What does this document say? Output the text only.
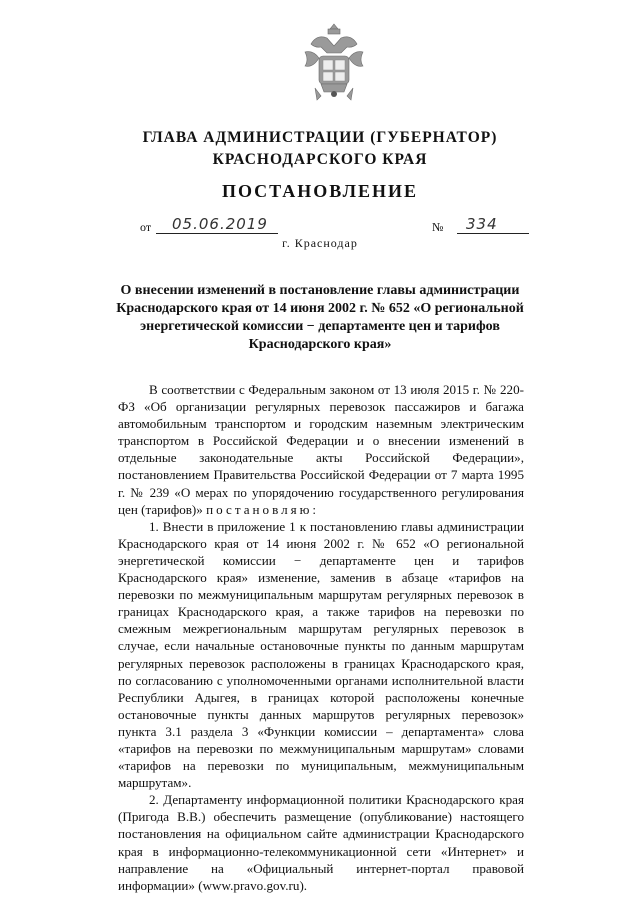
ГЛАВА АДМИНИСТРАЦИИ (ГУБЕРНАТОР)
КРАСНОДАРСКОГО КРАЯ
ПОСТАНОВЛЕНИЕ
от 05.06.2019	№ 334
г. Краснодар
О внесении изменений в постановление главы администрации Краснодарского края от 14 июня 2002 г. № 652 «О региональной энергетической комиссии − департаменте цен и тарифов Краснодарского края»

В соответствии с Федеральным законом от 13 июля 2015 г. № 220-ФЗ «Об организации регулярных перевозок пассажиров и багажа автомобильным транспортом и городским наземным электрическим транспортом в Российской Федерации и о внесении изменений в отдельные законодательные акты Российской Федерации», постановлением Правительства Российской Федерации от 7 марта 1995 г. № 239 «О мерах по упорядочению государственного регулирования цен (тарифов)» постановляю:

1. Внести в приложение 1 к постановлению главы администрации Краснодарского края от 14 июня 2002 г. № 652 «О региональной энергетической комиссии − департаменте цен и тарифов Краснодарского края» изменение, заменив в абзаце «тарифов на перевозки по межмуниципальным маршрутам регулярных перевозок в границах Краснодарского края, а также тарифов на перевозки по смежным межрегиональным маршрутам регулярных перевозок в случае, если начальные остановочные пункты по данным маршрутам регулярных перевозок расположены в границах Краснодарского края, по согласованию с уполномоченными органами исполнительной власти Республики Адыгея, в границах которой расположены конечные остановочные пункты данных маршрутов регулярных перевозок» пункта 3.1 раздела 3 «Функции комиссии – департамента» слова «тарифов на перевозки по межмуниципальным маршрутам» словами «тарифов на перевозки по муниципальным, межмуниципальным маршрутам».

2. Департаменту информационной политики Краснодарского края (Пригода В.В.) обеспечить размещение (опубликование) настоящего постановления на официальном сайте администрации Краснодарского края в информационно-телекоммуникационной сети «Интернет» и направление на «Официальный интернет-портал правовой информации» (www.pravo.gov.ru).
